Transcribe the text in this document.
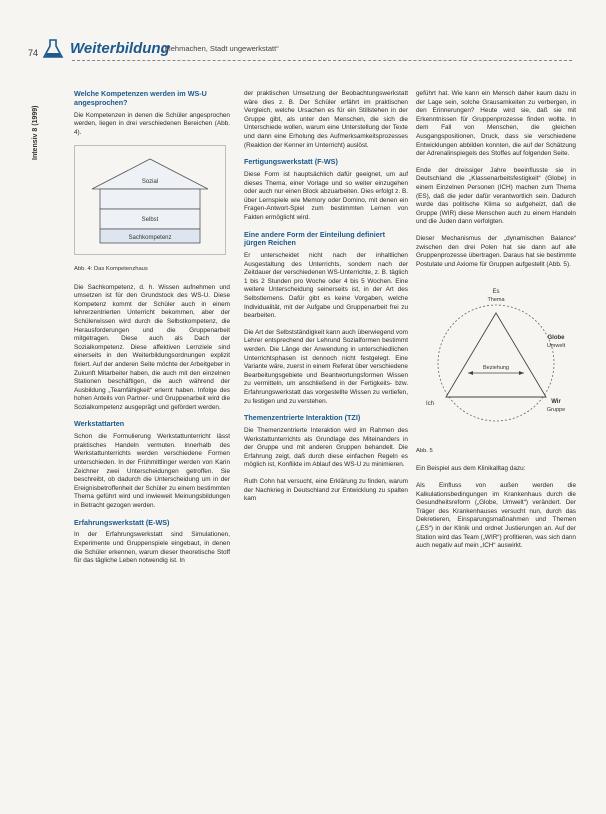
74 Weiterbildung
„Mehmachen, Stadt ungewerkstatt“
Intensiv 8 (1999)
Welche Kompetenzen werden im WS-U angesprochen?

Die Kompetenzen in denen die Schüler angesprochen werden, liegen in drei verschiedenen Bereichen (Abb. 4).

Sozial
Selbst
Sachkompetenz
Abb. 4: Das Kompetenzhaus

Die Sachkompetenz, d. h. Wissen aufnehmen und umsetzen ist für den Grundstock des WS-U. Diese Kompetenz kommt der Schüler auch in einem lehrerzentrierten Unterricht bekommen, aber der Schülerwissen wird durch die Selbstkompetenz, die Herausforderungen und die Gruppenarbeit mitgetragen. Diese auch als Dach der Sozialkompetenz. Diese affektiven Lernziele sind einerseits in den Weiterbildungsordnungen explizit fixiert. Auf der anderen Seite möchte der Arbeitgeber in Zukunft Mitarbeiter haben, die auch mit den einzelnen Stationen beschäftigen, die auch während der Ausbildung „Teamfähigkeit“ erlernt haben. Infolge des hohen Anteils von Partner- und Gruppenarbeit wird die Sozialkompetenz ausgeprägt und gefördert werden.

Werkstattarten

Schon die Formulierung Werkstattunterricht lässt praktisches Handeln vermuten. Innerhalb des Werkstattunterrichts werden verschiedene Formen unterschieden. In der Frühmittlinger werden von Karin Zeichner zwei Unterscheidungen getroffen. Sie beschreibt, ob dadurch die Unterscheidung um in der Ereignisbetroffenheit der Schüler zu einem bestimmten Thema geführt wird und inwieweit Meinungsbildungen in Betracht gezogen werden.

Erfahrungswerkstatt (E-WS)

In der Erfahrungswerkstatt sind Simulationen, Experimente und Gruppenspiele eingebaut, in denen die Schüler erkennen, warum dieser theoretische Stoff für das tägliche Leben notwendig ist. In

der praktischen Umsetzung der Beobachtungswerkstatt wäre dies z. B. Der Schüler erfährt im praktischen Vergleich, welche Ursachen es für ein Stillstehen in der Gruppe gibt, als unter den Menschen, die sich die Unterschiede wollen, warum eine Unterstellung der Texte und dann eine Erholung des Aufmerksamkeitsprozesses (Reaktion der Kenner im Unterricht) auslöst.

Fertigungswerkstatt (F-WS)

Diese Form ist hauptsächlich dafür geeignet, um auf dieses Thema, einer Vorlage und so weiter einzugehen oder auch nur einen Block abzuarbeiten. Dies erfolgt z. B. über Lernspiele wie Memory oder Domino, mit denen ein Fragen-Antwort-Spiel zum bestimmten Lernen von Fakten ermöglicht wird.

Eine andere Form der Einteilung definiert jürgen Reichen

Er unterscheidet nicht nach der inhaltlichen Ausgestaltung des Unterrichts, sondern nach der Zeitdauer der verschiedenen WS-Unterrichte, z. B. täglich 1 bis 2 Stunden pro Woche oder 4 bis 5 Wochen. Eine weitere Unterscheidung seinerseits ist, in der Art des Selbstlernens. Dafür gibt es keine Vorgaben, welche Individualität, mit der Aufgabe und Gruppenarbeit frei zu bearbeiten.

Die Art der Selbstständigkeit kann auch überwiegend vom Lehrer entsprechend der Lehrund Sozialformen bestimmt werden. Die Länge der Anwendung in unterschiedlichen Unterrichtsphasen ist dennoch nicht festgelegt. Eine Variante wäre, zuerst in einem Referat über verschiedene Bearbeitungsgebiete und Beantwortungsformen Wissen zu vermitteln, um anschließend in der Fertigkeits- bzw. Erfahrungswerkstatt das vorgestellte Wissen zu vertiefen, zu festigen und zu verstehen.

Themenzentrierte Interaktion (TZI)

Die Themenzentrierte Interaktion wird im Rahmen des Werkstattunterrichts als Grundlage des Miteinanders in der Gruppe und mit anderen Gruppen behandelt. Die Erfahrung zeigt, daß durch diese einfachen Regeln es möglich ist, Konflikte im Ablauf des WS-U zu minimieren.

Ruth Cohn hat versucht, eine Erklärung zu finden, warum der Nachkrieg in Deutschland zur Entwicklung zu spalten kam

geführt hat. Wie kann ein Mensch daher kaum dazu in der Lage sein, solche Grausamkeiten zu verbergen, in den Erinnerungen? Heute wird sie, daß sie mit Erkenntnissen für Gruppenprozesse finden wollte. In dem Fall von Menschen, die gleichen Ausgangspositionen, Druck, dass sie verschiedene Entwicklungen abbilden konnten, die auf der Schätzung der Adrenalinspiegels des Stoffes auf folgenden Seite.

Ende der dreissiger Jahre beeinflusste sie in Deutschland die „Klassenarbeitsfestigkeit“ (Globe) in einem Einzelnen Personen (ICH) machen zum Thema (ES), daß die jeder dafür verantwortlich sein. Dadurch wurde das politische Klima so aufgeheizt, daß die Gruppe (WIR) diese Menschen auch zu einem Handeln und die Juden dann verfolgten.

Dieser Mechanismus der „dynamischen Balance“ zwischen den drei Polen hat sie dann auf alle Gruppenprozesse übertragen. Daraus hat sie bestimmte Postulate und Axiome für Gruppen aufgestellt (Abb. 5).

Es
Thema
Globe
Umwelt
Beziehung
Ich	Wir
Gruppe
Abb. 5

Ein Beispiel aus dem Klinikalltag dazu:

Als Einfluss von außen werden die Kalkulationsbedingungen im Krankenhaus durch die Gesundheitsreform („Globe, Umwelt“) verändert. Der Träger des Krankenhauses versucht nun, durch das Dekretieren, Einsparungsmaßnahmen und Themen („ES“) in der Klinik und ordnet Justierungen an. Auf der Station wird das Team („WIR“) profitieren, was sich dann auch negativ auf mein „ICH“ auswirkt.
